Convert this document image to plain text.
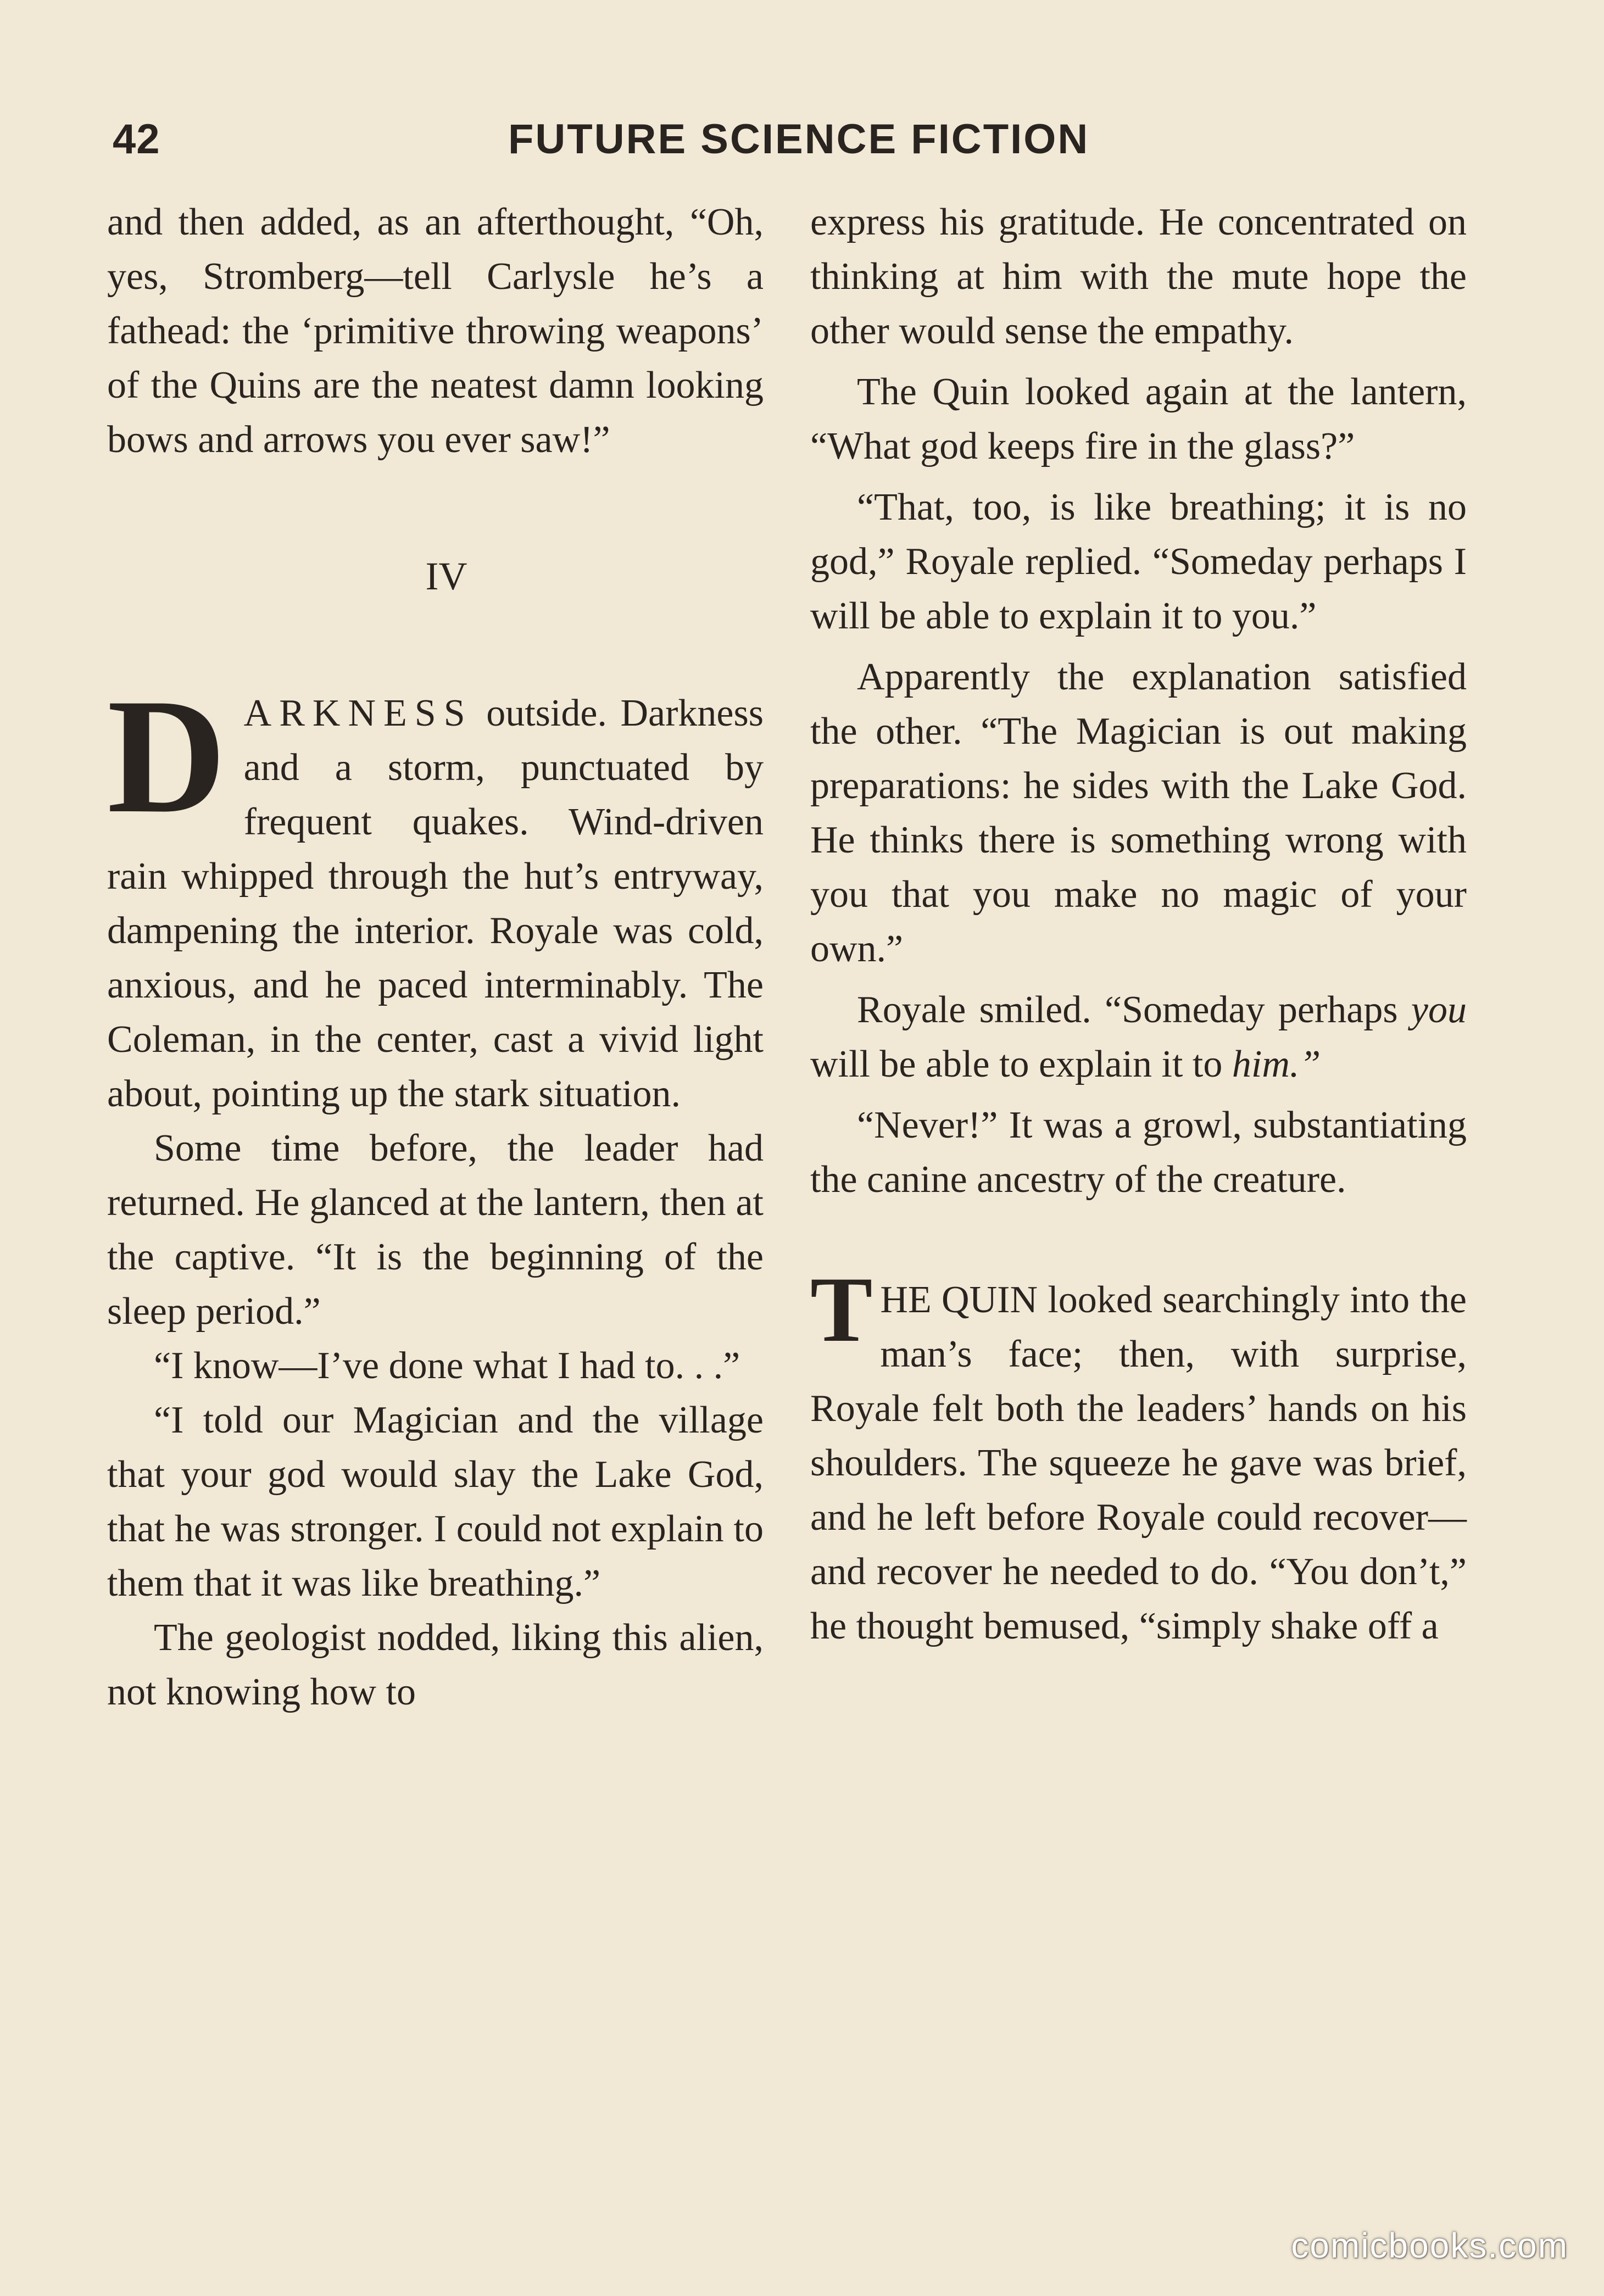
42	FUTURE SCIENCE FICTION

and then added, as an afterthought, “Oh, yes, Stromberg—tell Carlysle he’s a fathead: the ‘primitive throwing weapons’ of the Quins are the neatest damn looking bows and arrows you ever saw!”

IV

DARKNESS outside. Darkness and a storm, punctuated by frequent quakes. Wind-driven rain whipped through the hut’s entryway, dampening the interior. Royale was cold, anxious, and he paced interminably. The Coleman, in the center, cast a vivid light about, pointing up the stark situation.

Some time before, the leader had returned. He glanced at the lantern, then at the captive. “It is the beginning of the sleep period.”

“I know—I’ve done what I had to. . .”

“I told our Magician and the village that your god would slay the Lake God, that he was stronger. I could not explain to them that it was like breathing.”

The geologist nodded, liking this alien, not knowing how to

express his gratitude. He concentrated on thinking at him with the mute hope the other would sense the empathy.

The Quin looked again at the lantern, “What god keeps fire in the glass?”

“That, too, is like breathing; it is no god,” Royale replied. “Someday perhaps I will be able to explain it to you.”

Apparently the explanation satisfied the other. “The Magician is out making preparations: he sides with the Lake God. He thinks there is something wrong with you that you make no magic of your own.”

Royale smiled. “Someday perhaps you will be able to explain it to him.”

“Never!” It was a growl, substantiating the canine ancestry of the creature.

THE QUIN looked searchingly into the man’s face; then, with surprise, Royale felt both the leaders’ hands on his shoulders. The squeeze he gave was brief, and he left before Royale could recover—and recover he needed to do. “You don’t,” he thought bemused, “simply shake off a

comicbooks.com
